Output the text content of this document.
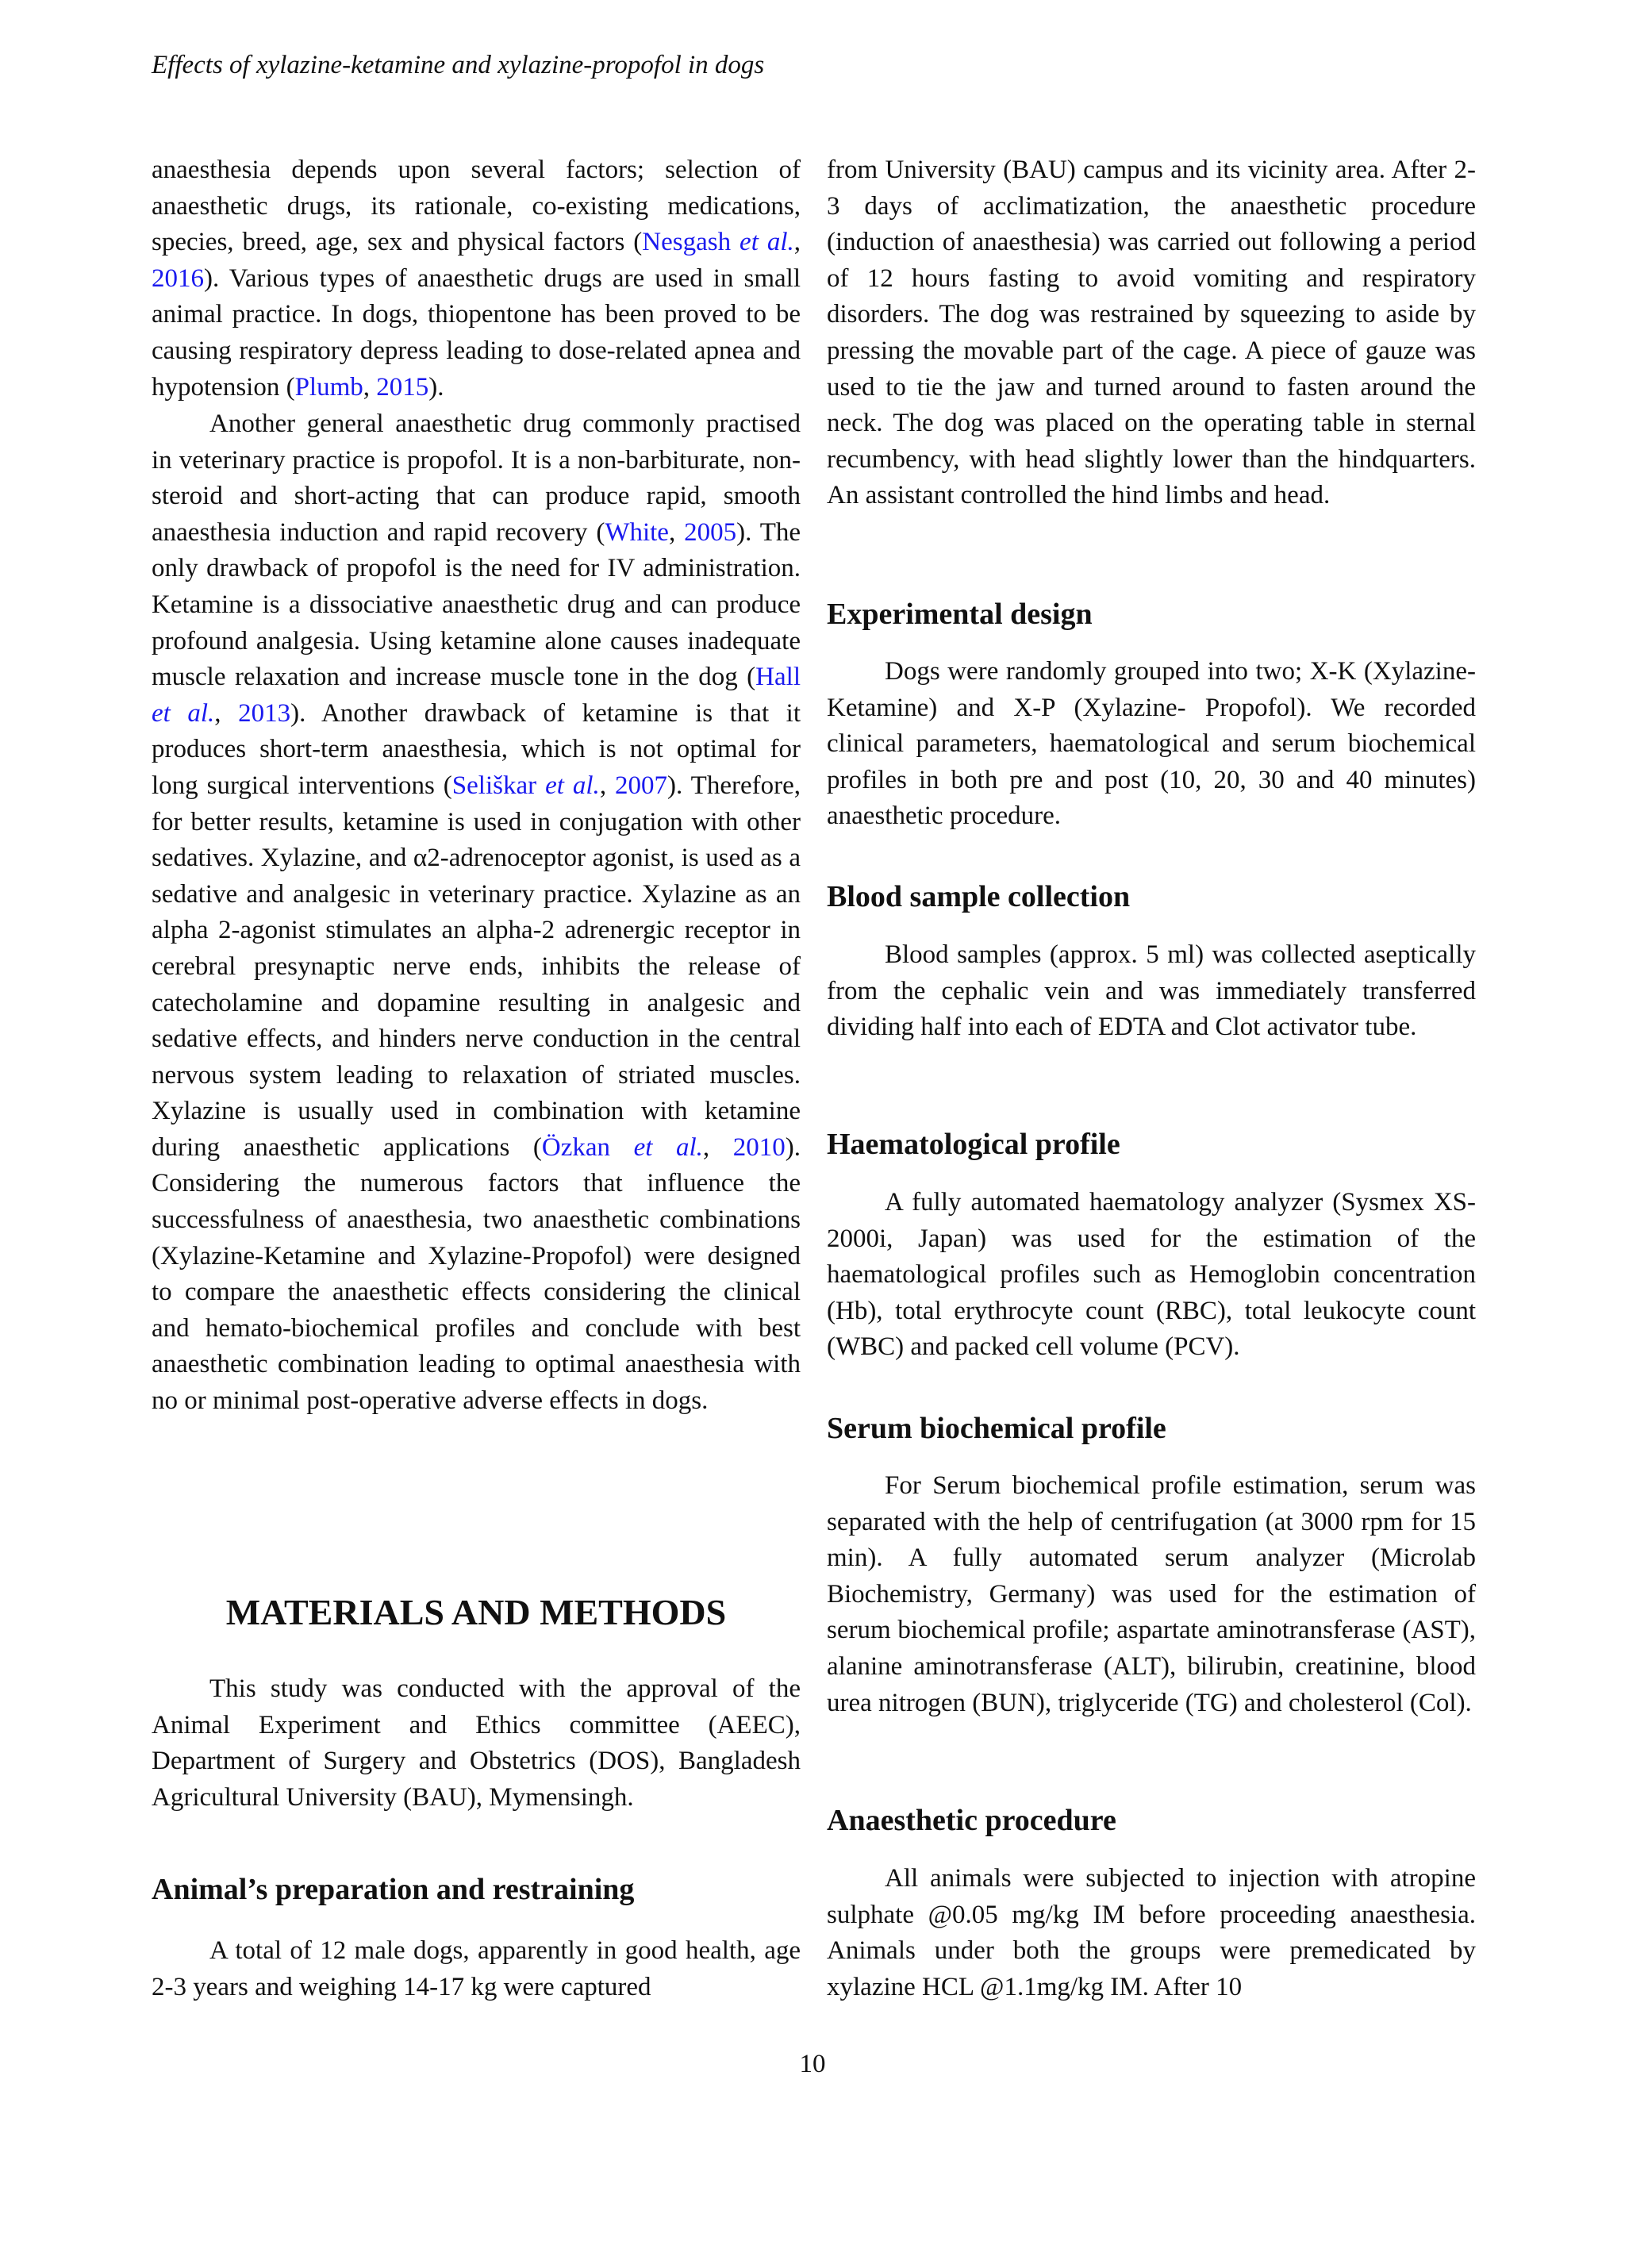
Effects of xylazine-ketamine and xylazine-propofol in dogs

anaesthesia depends upon several factors; selection of anaesthetic drugs, its rationale, co-existing medications, species, breed, age, sex and physical factors (Nesgash et al., 2016). Various types of anaesthetic drugs are used in small animal practice. In dogs, thiopentone has been proved to be causing respiratory depress leading to dose-related apnea and hypotension (Plumb, 2015).

Another general anaesthetic drug commonly practised in veterinary practice is propofol. It is a non-barbiturate, non-steroid and short-acting that can produce rapid, smooth anaesthesia induction and rapid recovery (White, 2005). The only drawback of propofol is the need for IV administration. Ketamine is a dissociative anaesthetic drug and can produce profound analgesia. Using ketamine alone causes inadequate muscle relaxation and increase muscle tone in the dog (Hall et al., 2013). Another drawback of ketamine is that it produces short-term anaesthesia, which is not optimal for long surgical interventions (Seliškar et al., 2007). Therefore, for better results, ketamine is used in conjugation with other sedatives. Xylazine, and α2-adrenoceptor agonist, is used as a sedative and analgesic in veterinary practice. Xylazine as an alpha 2-agonist stimulates an alpha-2 adrenergic receptor in cerebral presynaptic nerve ends, inhibits the release of catecholamine and dopamine resulting in analgesic and sedative effects, and hinders nerve conduction in the central nervous system leading to relaxation of striated muscles. Xylazine is usually used in combination with ketamine during anaesthetic applications (Özkan et al., 2010). Considering the numerous factors that influence the successfulness of anaesthesia, two anaesthetic combinations (Xylazine-Ketamine and Xylazine-Propofol) were designed to compare the anaesthetic effects considering the clinical and hemato-biochemical profiles and conclude with best anaesthetic combination leading to optimal anaesthesia with no or minimal post-operative adverse effects in dogs.

MATERIALS AND METHODS

This study was conducted with the approval of the Animal Experiment and Ethics committee (AEEC), Department of Surgery and Obstetrics (DOS), Bangladesh Agricultural University (BAU), Mymensingh.

Animal’s preparation and restraining

A total of 12 male dogs, apparently in good health, age 2-3 years and weighing 14-17 kg were captured

from University (BAU) campus and its vicinity area. After 2-3 days of acclimatization, the anaesthetic procedure (induction of anaesthesia) was carried out following a period of 12 hours fasting to avoid vomiting and respiratory disorders. The dog was restrained by squeezing to aside by pressing the movable part of the cage. A piece of gauze was used to tie the jaw and turned around to fasten around the neck. The dog was placed on the operating table in sternal recumbency, with head slightly lower than the hindquarters. An assistant controlled the hind limbs and head.

Experimental design

Dogs were randomly grouped into two; X-K (Xylazine- Ketamine) and X-P (Xylazine- Propofol). We recorded clinical parameters, haematological and serum biochemical profiles in both pre and post (10, 20, 30 and 40 minutes) anaesthetic procedure.

Blood sample collection

Blood samples (approx. 5 ml) was collected aseptically from the cephalic vein and was immediately transferred dividing half into each of EDTA and Clot activator tube.

Haematological profile

A fully automated haematology analyzer (Sysmex XS-2000i, Japan) was used for the estimation of the haematological profiles such as Hemoglobin concentration (Hb), total erythrocyte count (RBC), total leukocyte count (WBC) and packed cell volume (PCV).

Serum biochemical profile

For Serum biochemical profile estimation, serum was separated with the help of centrifugation (at 3000 rpm for 15 min). A fully automated serum analyzer (Microlab Biochemistry, Germany) was used for the estimation of serum biochemical profile; aspartate aminotransferase (AST), alanine aminotransferase (ALT), bilirubin, creatinine, blood urea nitrogen (BUN), triglyceride (TG) and cholesterol (Col).

Anaesthetic procedure

All animals were subjected to injection with atropine sulphate @0.05 mg/kg IM before proceeding anaesthesia. Animals under both the groups were premedicated by xylazine HCL @1.1mg/kg IM. After 10

10
